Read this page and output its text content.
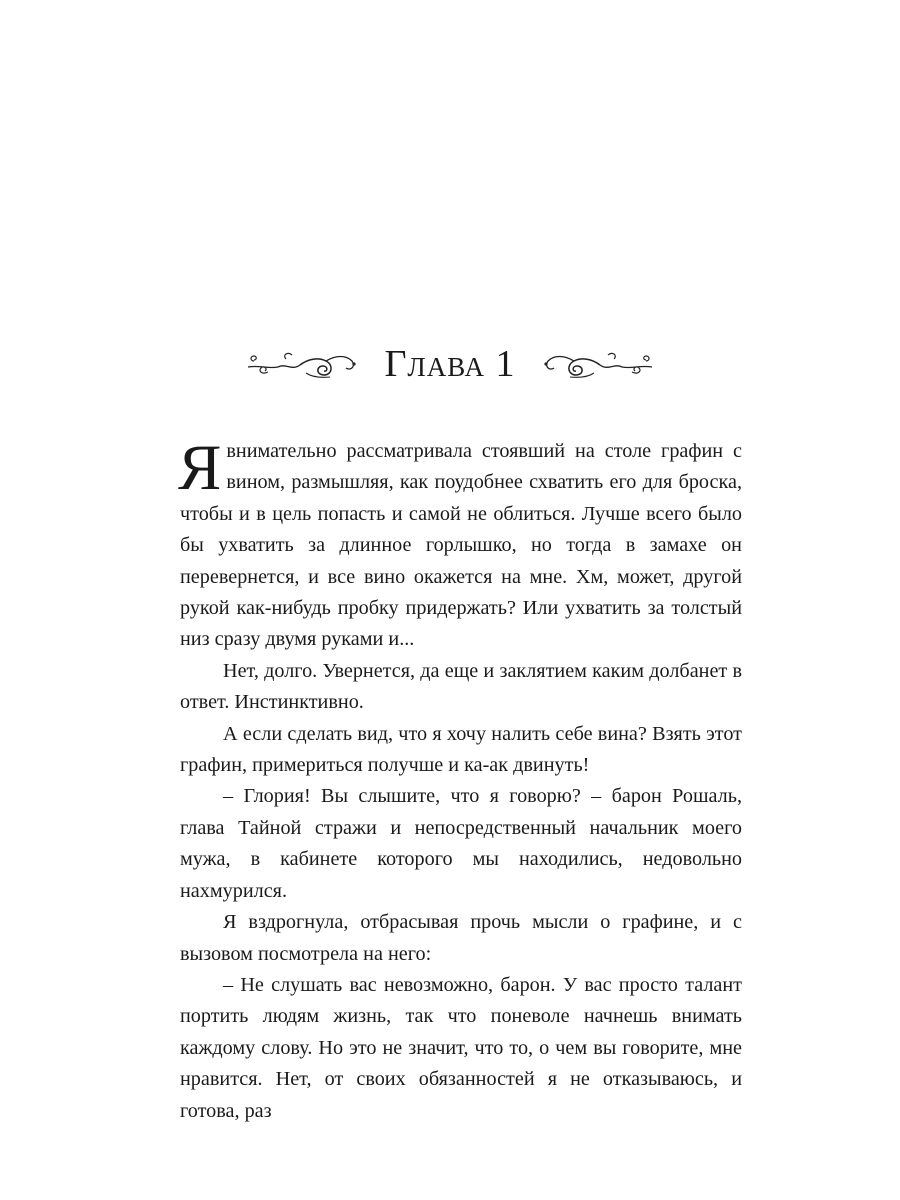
Глава 1

Явнимательно рассматривала стоявший на столе графин с вином, размышляя, как поудобнее схватить его для броска, чтобы и в цель попасть и самой не облиться. Лучше всего было бы ухватить за длинное горлышко, но тогда в замахе он перевернется, и все вино окажется на мне. Хм, может, другой рукой как-нибудь пробку придержать? Или ухватить за толстый низ сразу двумя руками и...

Нет, долго. Увернется, да еще и заклятием каким долбанет в ответ. Инстинктивно.

А если сделать вид, что я хочу налить себе вина? Взять этот графин, примериться получше и ка-ак двинуть!

– Глория! Вы слышите, что я говорю? – барон Рошаль, глава Тайной стражи и непосредственный начальник моего мужа, в кабинете которого мы находились, недовольно нахмурился.

Я вздрогнула, отбрасывая прочь мысли о графине, и с вызовом посмотрела на него:

– Не слушать вас невозможно, барон. У вас просто талант портить людям жизнь, так что поневоле начнешь внимать каждому слову. Но это не значит, что то, о чем вы говорите, мне нравится. Нет, от своих обязанностей я не отказываюсь, и готова, раз
